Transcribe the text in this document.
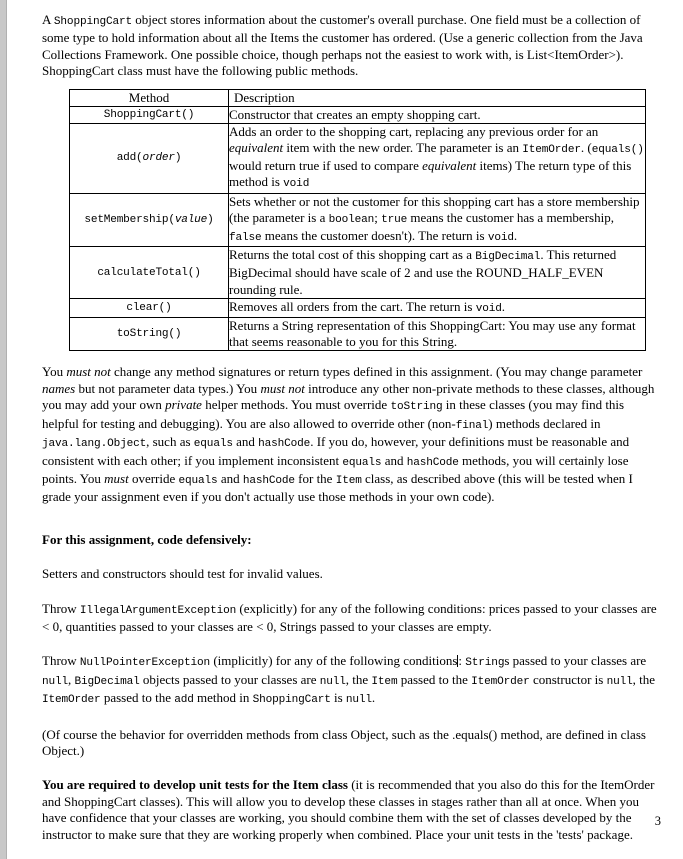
A ShoppingCart object stores information about the customer's overall purchase. One field must be a collection of some type to hold information about all the Items the customer has ordered. (Use a generic collection from the Java Collections Framework. One possible choice, though perhaps not the easiest to work with, is List<ItemOrder>). ShoppingCart class must have the following public methods.

Method	Description
ShoppingCart()	Constructor that creates an empty shopping cart.
add(order)	Adds an order to the shopping cart, replacing any previous order for an equivalent item with the new order. The parameter is an ItemOrder. (equals() would return true if used to compare equivalent items) The return type of this method is void
setMembership(value)	Sets whether or not the customer for this shopping cart has a store membership (the parameter is a boolean; true means the customer has a membership, false means the customer doesn't). The return is void.
calculateTotal()	Returns the total cost of this shopping cart as a BigDecimal. This returned BigDecimal should have scale of 2 and use the ROUND_HALF_EVEN rounding rule.
clear()	Removes all orders from the cart. The return is void.
toString()	Returns a String representation of this ShoppingCart: You may use any format that seems reasonable to you for this String.

You must not change any method signatures or return types defined in this assignment. (You may change parameter names but not parameter data types.) You must not introduce any other non-private methods to these classes, although you may add your own private helper methods. You must override toString in these classes (you may find this helpful for testing and debugging). You are also allowed to override other (non-final) methods declared in java.lang.Object, such as equals and hashCode. If you do, however, your definitions must be reasonable and consistent with each other; if you implement inconsistent equals and hashCode methods, you will certainly lose points. You must override equals and hashCode for the Item class, as described above (this will be tested when I grade your assignment even if you don't actually use those methods in your own code).

For this assignment, code defensively:

Setters and constructors should test for invalid values.

Throw IllegalArgumentException (explicitly) for any of the following conditions: prices passed to your classes are < 0, quantities passed to your classes are < 0, Strings passed to your classes are empty.

Throw NullPointerException (implicitly) for any of the following conditions: Strings passed to your classes are null, BigDecimal objects passed to your classes are null, the Item passed to the ItemOrder constructor is null, the ItemOrder passed to the add method in ShoppingCart is null.

(Of course the behavior for overridden methods from class Object, such as the .equals() method, are defined in class Object.)

You are required to develop unit tests for the Item class (it is recommended that you also do this for the ItemOrder and ShoppingCart classes). This will allow you to develop these classes in stages rather than all at once. When you have confidence that your classes are working, you should combine them with the set of classes developed by the instructor to make sure that they are working properly when combined. Place your unit tests in the 'tests' package.

3
